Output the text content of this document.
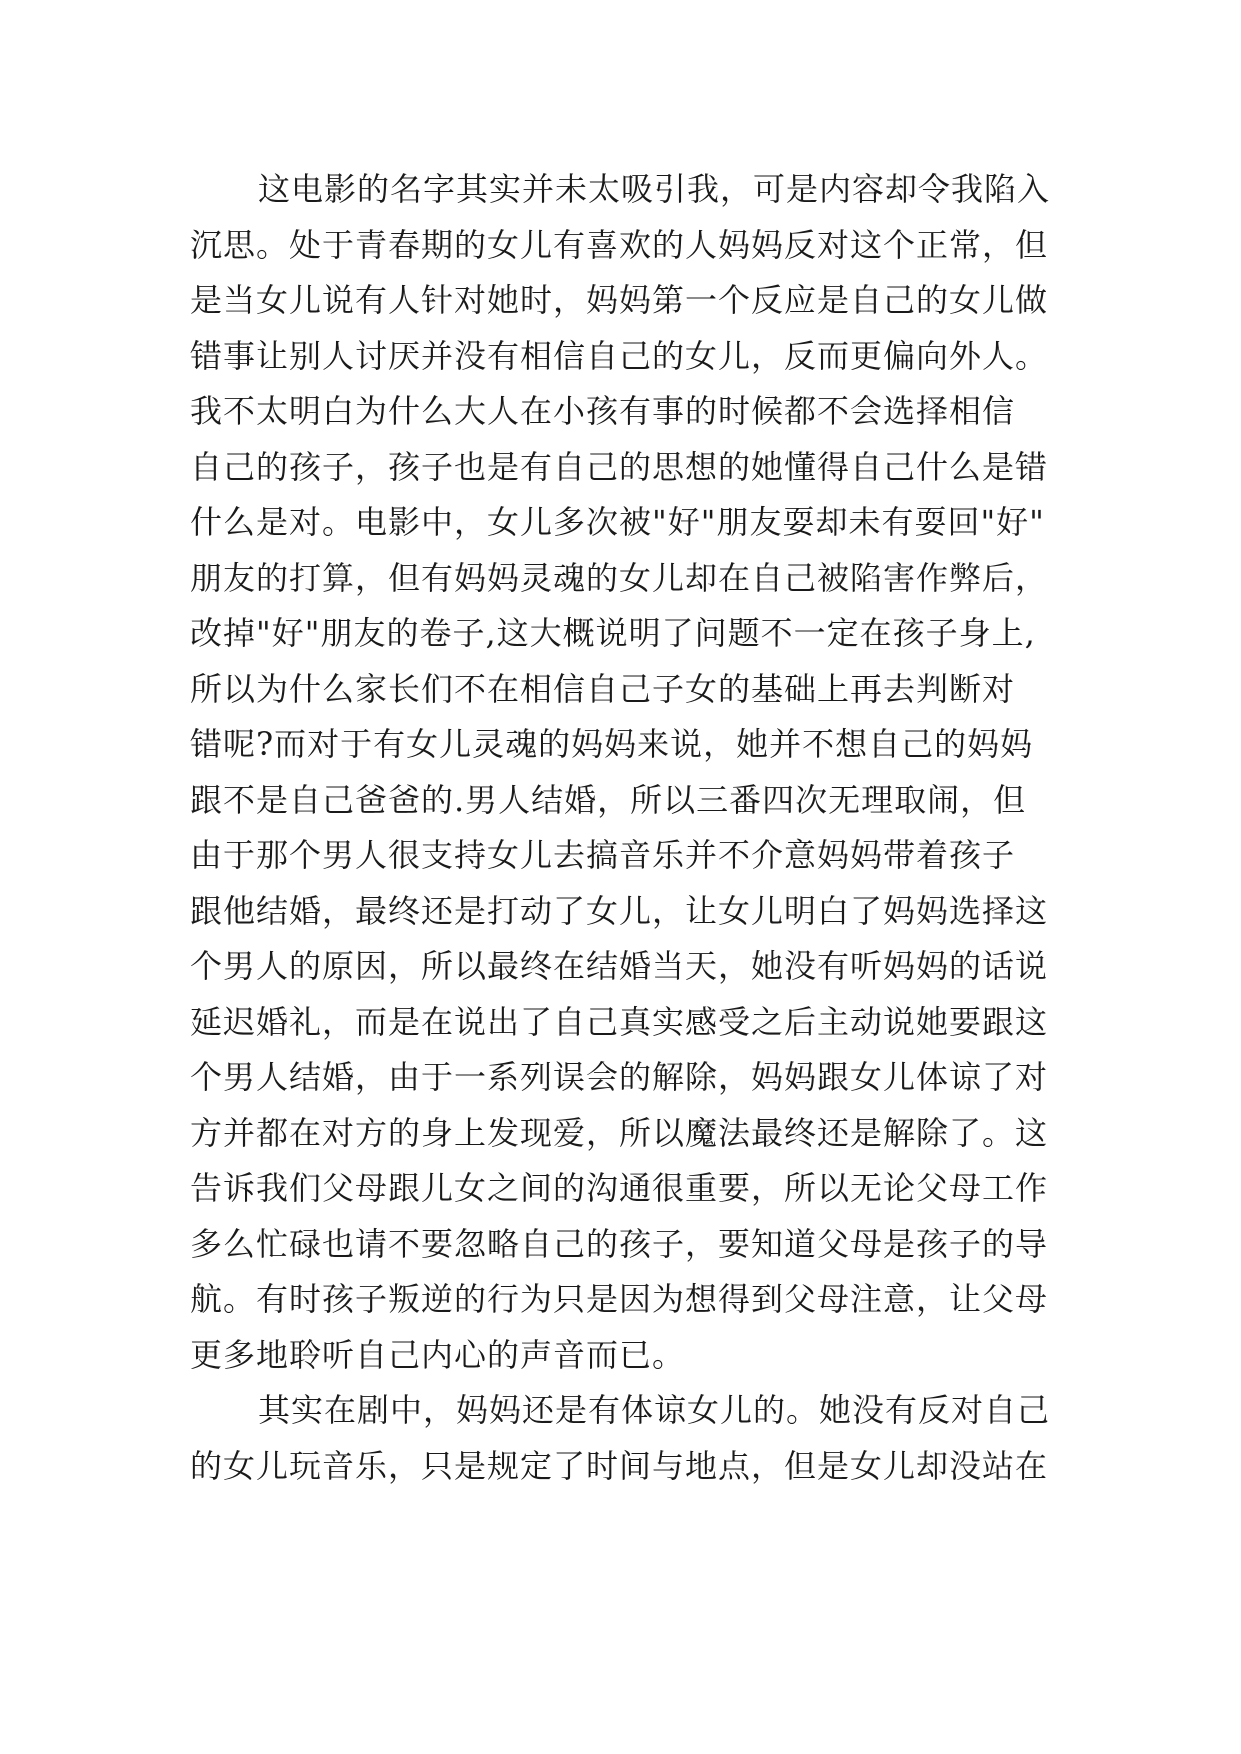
这电影的名字其实并未太吸引我，可是内容却令我陷入
沉思。处于青春期的女儿有喜欢的人妈妈反对这个正常，但
是当女儿说有人针对她时，妈妈第一个反应是自己的女儿做
错事让别人讨厌并没有相信自己的女儿，反而更偏向外人。
我不太明白为什么大人在小孩有事的时候都不会选择相信
自己的孩子，孩子也是有自己的思想的她懂得自己什么是错
什么是对。电影中，女儿多次被"好"朋友耍却未有耍回"好"
朋友的打算，但有妈妈灵魂的女儿却在自己被陷害作弊后，
改掉"好"朋友的卷子,这大概说明了问题不一定在孩子身上,
所以为什么家长们不在相信自己子女的基础上再去判断对
错呢?而对于有女儿灵魂的妈妈来说，她并不想自己的妈妈
跟不是自己爸爸的.男人结婚，所以三番四次无理取闹，但
由于那个男人很支持女儿去搞音乐并不介意妈妈带着孩子
跟他结婚，最终还是打动了女儿，让女儿明白了妈妈选择这
个男人的原因，所以最终在结婚当天，她没有听妈妈的话说
延迟婚礼，而是在说出了自己真实感受之后主动说她要跟这
个男人结婚，由于一系列误会的解除，妈妈跟女儿体谅了对
方并都在对方的身上发现爱，所以魔法最终还是解除了。这
告诉我们父母跟儿女之间的沟通很重要，所以无论父母工作
多么忙碌也请不要忽略自己的孩子，要知道父母是孩子的导
航。有时孩子叛逆的行为只是因为想得到父母注意，让父母
更多地聆听自己内心的声音而已。
其实在剧中，妈妈还是有体谅女儿的。她没有反对自己
的女儿玩音乐，只是规定了时间与地点，但是女儿却没站在
